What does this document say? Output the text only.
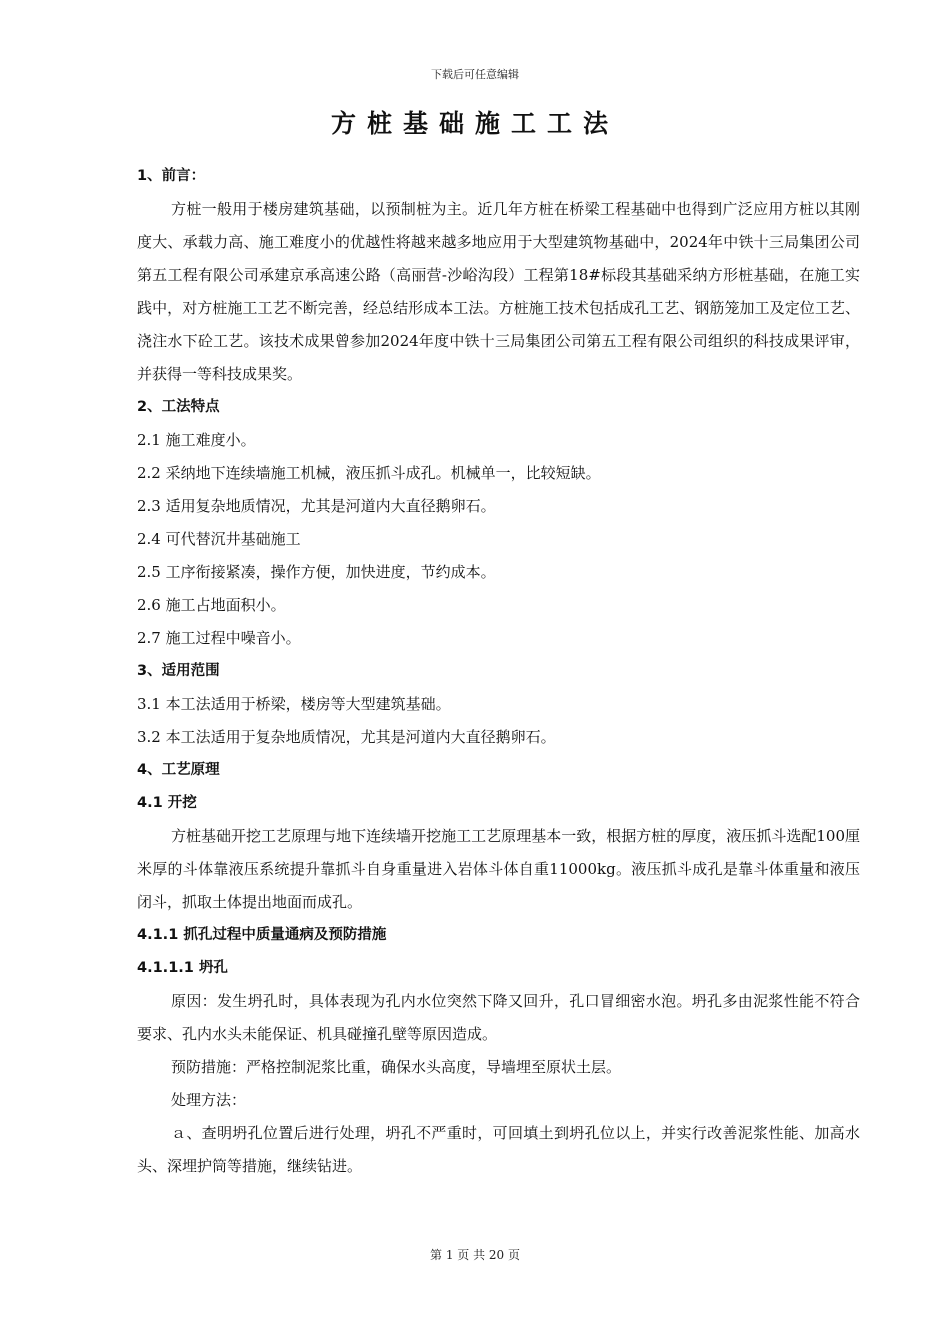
下载后可任意编辑
方桩基础施工工法

1、前言：

方桩一般用于楼房建筑基础，以预制桩为主。近几年方桩在桥梁工程基础中也得到广泛应用方桩以其刚度大、承载力高、施工难度小的优越性将越来越多地应用于大型建筑物基础中，2024年中铁十三局集团公司第五工程有限公司承建京承高速公路（高丽营-沙峪沟段）工程第18#标段其基础采纳方形桩基础，在施工实践中，对方桩施工工艺不断完善，经总结形成本工法。方桩施工技术包括成孔工艺、钢筋笼加工及定位工艺、浇注水下砼工艺。该技术成果曾参加2024年度中铁十三局集团公司第五工程有限公司组织的科技成果评审，并获得一等科技成果奖。

2、工法特点

2.1 施工难度小。

2.2 采纳地下连续墙施工机械，液压抓斗成孔。机械单一，比较短缺。

2.3 适用复杂地质情况，尤其是河道内大直径鹅卵石。

2.4 可代替沉井基础施工

2.5 工序衔接紧凑，操作方便，加快进度，节约成本。

2.6 施工占地面积小。

2.7 施工过程中噪音小。

3、适用范围

3.1 本工法适用于桥梁，楼房等大型建筑基础。

3.2 本工法适用于复杂地质情况，尤其是河道内大直径鹅卵石。

4、工艺原理

4.1 开挖

方桩基础开挖工艺原理与地下连续墙开挖施工工艺原理基本一致，根据方桩的厚度，液压抓斗选配100厘米厚的斗体靠液压系统提升靠抓斗自身重量进入岩体斗体自重11000kg。液压抓斗成孔是靠斗体重量和液压闭斗，抓取土体提出地面而成孔。

4.1.1 抓孔过程中质量通病及预防措施

4.1.1.1 坍孔

原因：发生坍孔时，具体表现为孔内水位突然下降又回升，孔口冒细密水泡。坍孔多由泥浆性能不符合要求、孔内水头未能保证、机具碰撞孔壁等原因造成。

预防措施：严格控制泥浆比重，确保水头高度，导墙埋至原状土层。

处理方法：

ａ、查明坍孔位置后进行处理，坍孔不严重时，可回填土到坍孔位以上，并实行改善泥浆性能、加高水头、深埋护筒等措施，继续钻进。

第 1 页 共 20 页
